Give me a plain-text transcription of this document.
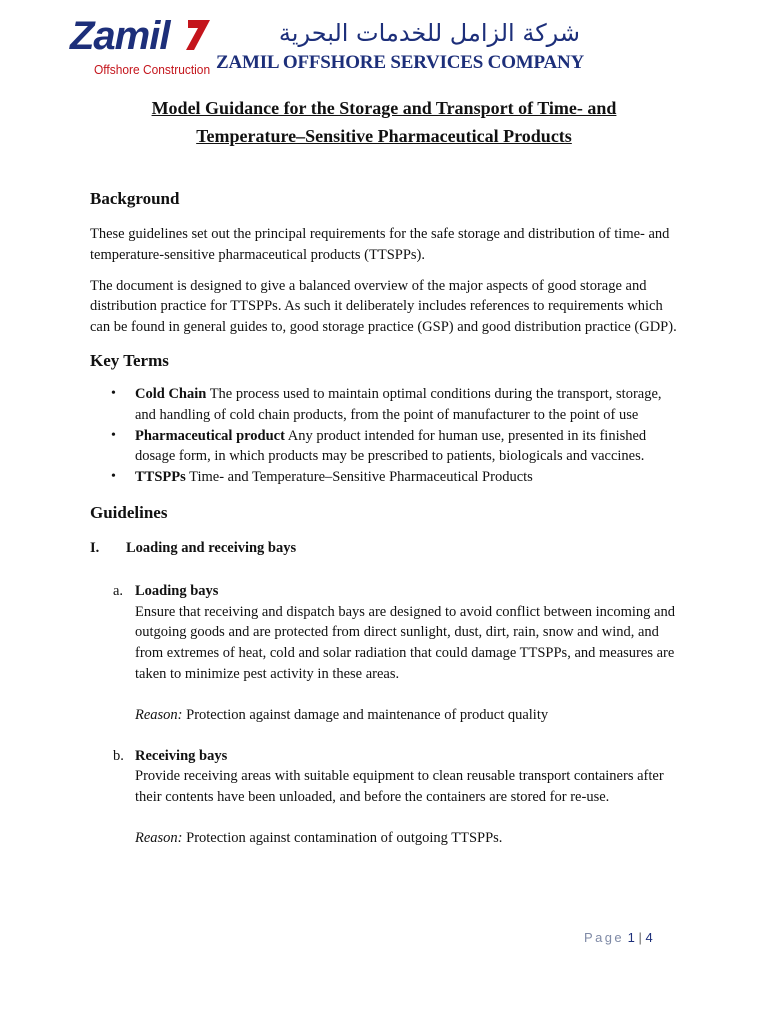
Zamil
Offshore Construction
شركة الزامل للخدمات البحرية
ZAMIL OFFSHORE SERVICES COMPANY
Model Guidance for the Storage and Transport of Time- and
Temperature–Sensitive Pharmaceutical Products
Background

These guidelines set out the principal requirements for the safe storage and distribution of time- and temperature-sensitive pharmaceutical products (TTSPPs).

The document is designed to give a balanced overview of the major aspects of good storage and distribution practice for TTSPPs. As such it deliberately includes references to requirements which can be found in general guides to, good storage practice (GSP) and good distribution practice (GDP).

Key Terms
• Cold Chain The process used to maintain optimal conditions during the transport, storage, and handling of cold chain products, from the point of manufacturer to the point of use
• Pharmaceutical product Any product intended for human use, presented in its finished dosage form, in which products may be prescribed to patients, biologicals and vaccines.
• TTSPPs Time- and Temperature–Sensitive Pharmaceutical Products
Guidelines
I.	Loading and receiving bays
a. Loading bays

Ensure that receiving and dispatch bays are designed to avoid conflict between incoming and outgoing goods and are protected from direct sunlight, dust, dirt, rain, snow and wind, and from extremes of heat, cold and solar radiation that could damage TTSPPs, and measures are taken to minimize pest activity in these areas.

Reason: Protection against damage and maintenance of product quality

b. Receiving bays

Provide receiving areas with suitable equipment to clean reusable transport containers after their contents have been unloaded, and before the containers are stored for re-use.

Reason: Protection against contamination of outgoing TTSPPs.

Page 1 | 4
